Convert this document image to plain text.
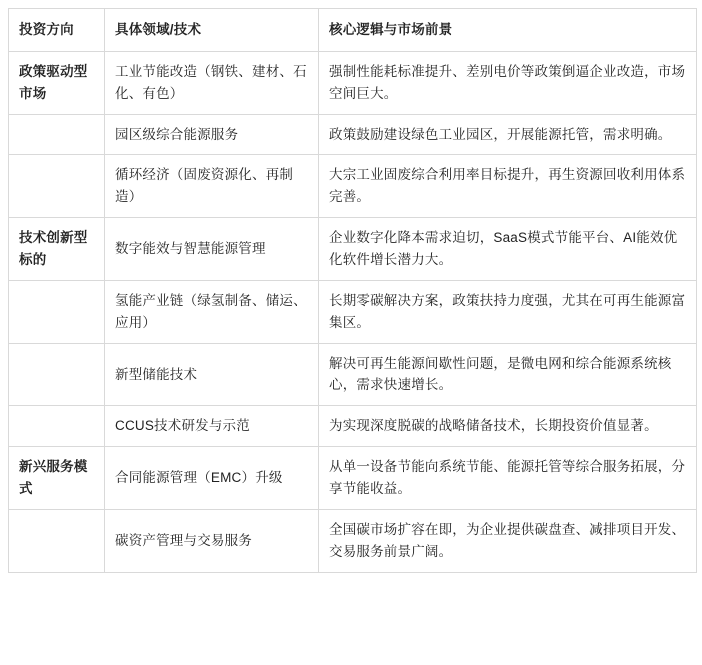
投资方向	具体领域/技术	核心逻辑与市场前景
政策驱动型市场	工业节能改造（钢铁、建材、石化、有色）	强制性能耗标准提升、差别电价等政策倒逼企业改造，市场空间巨大。
	园区级综合能源服务	政策鼓励建设绿色工业园区，开展能源托管，需求明确。
	循环经济（固废资源化、再制造）	大宗工业固废综合利用率目标提升，再生资源回收利用体系完善。
技术创新型标的	数字能效与智慧能源管理	企业数字化降本需求迫切，SaaS模式节能平台、AI能效优化软件增长潜力大。
	氢能产业链（绿氢制备、储运、应用）	长期零碳解决方案，政策扶持力度强，尤其在可再生能源富集区。
	新型储能技术	解决可再生能源间歇性问题，是微电网和综合能源系统核心，需求快速增长。
	CCUS技术研发与示范	为实现深度脱碳的战略储备技术，长期投资价值显著。
新兴服务模式	合同能源管理（EMC）升级	从单一设备节能向系统节能、能源托管等综合服务拓展，分享节能收益。
	碳资产管理与交易服务	全国碳市场扩容在即，为企业提供碳盘查、减排项目开发、交易服务前景广阔。
